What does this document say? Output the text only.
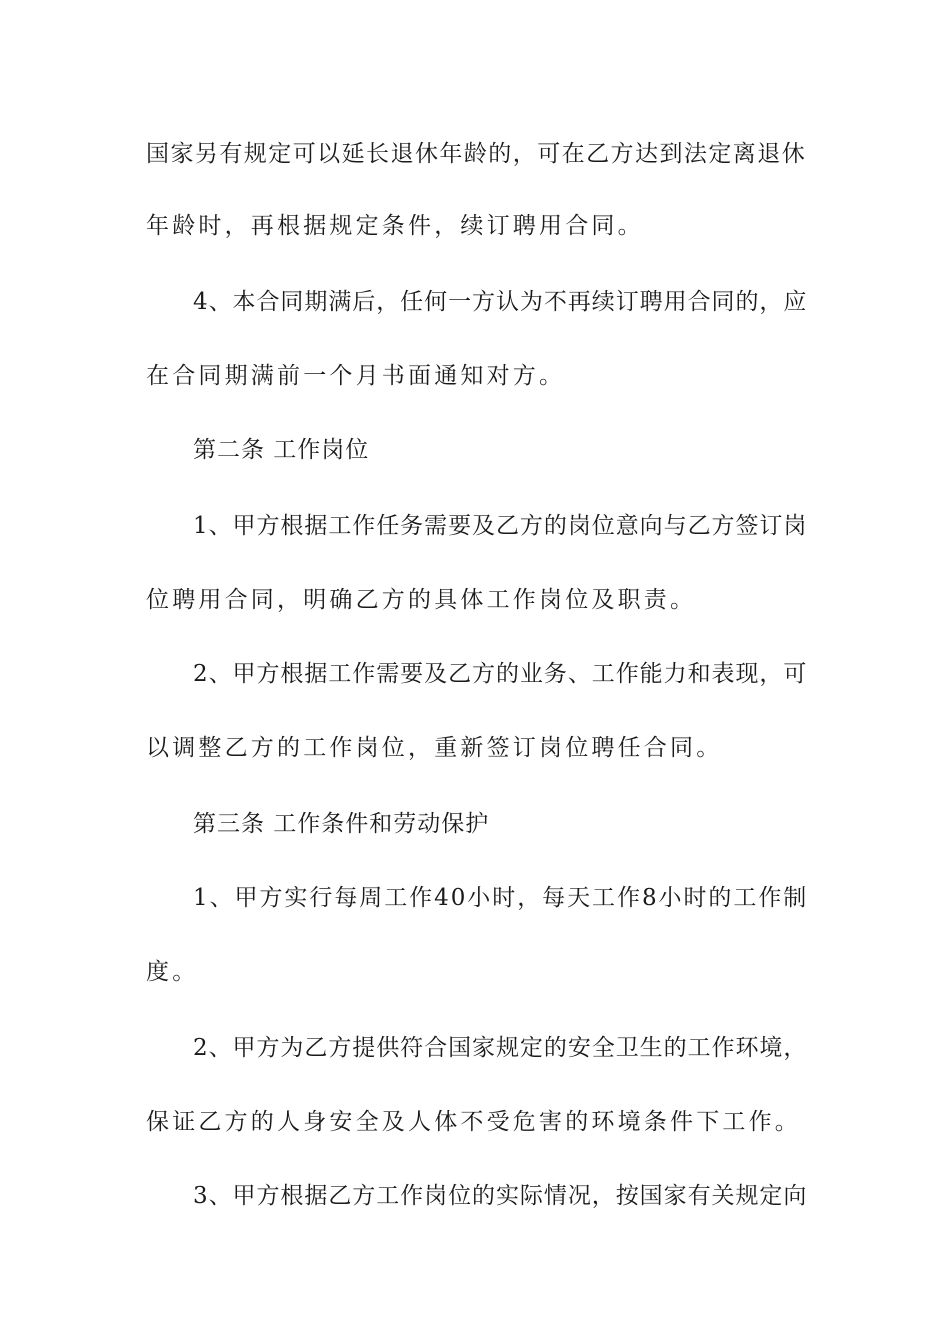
国家另有规定可以延长退休年龄的，可在乙方达到法定离退休
年龄时，再根据规定条件，续订聘用合同。
4、本合同期满后，任何一方认为不再续订聘用合同的，应
在合同期满前一个月书面通知对方。
第二条 工作岗位
1、甲方根据工作任务需要及乙方的岗位意向与乙方签订岗
位聘用合同，明确乙方的具体工作岗位及职责。
2、甲方根据工作需要及乙方的业务、工作能力和表现，可
以调整乙方的工作岗位，重新签订岗位聘任合同。
第三条 工作条件和劳动保护
1、甲方实行每周工作40小时，每天工作8小时的工作制
度。
2、甲方为乙方提供符合国家规定的安全卫生的工作环境，
保证乙方的人身安全及人体不受危害的环境条件下工作。
3、甲方根据乙方工作岗位的实际情况，按国家有关规定向
